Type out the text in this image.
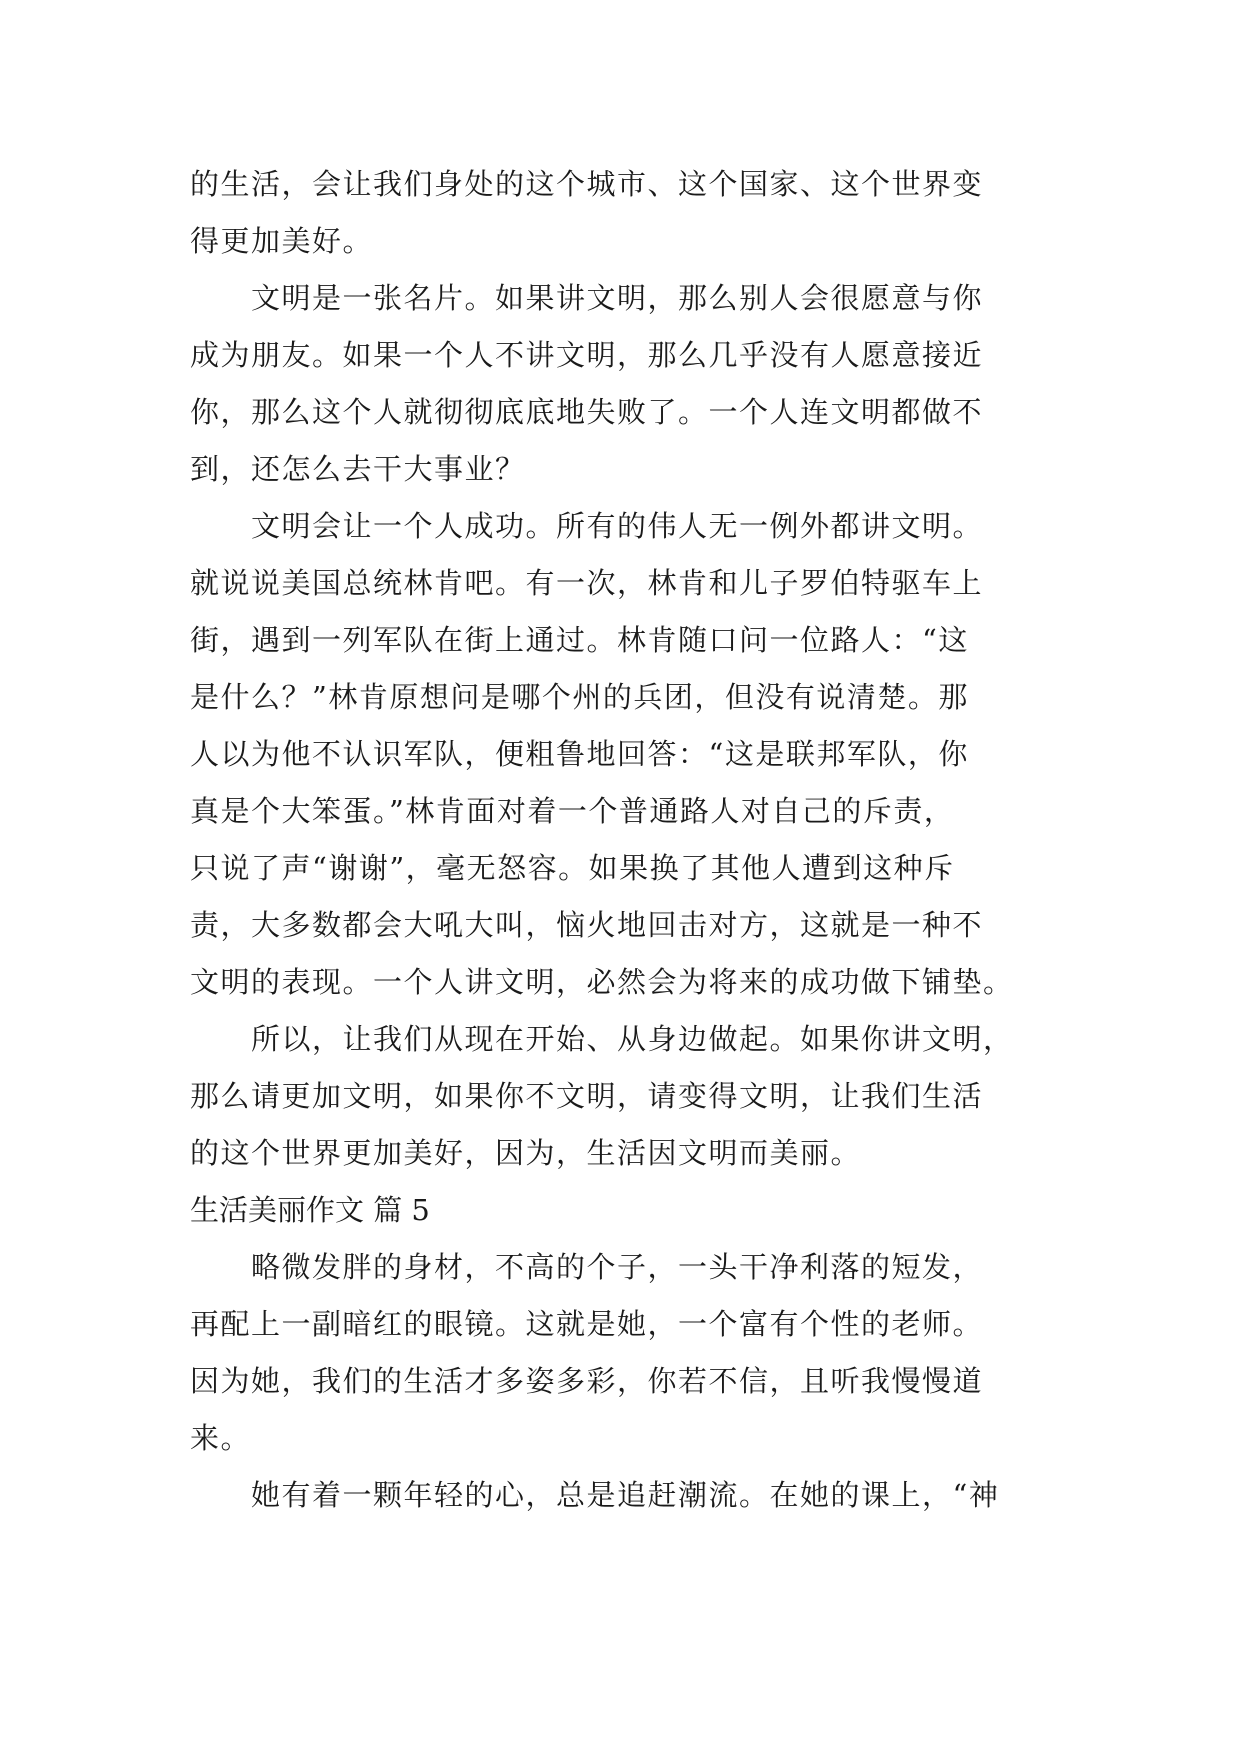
的生活，会让我们身处的这个城市、这个国家、这个世界变
得更加美好。
　　文明是一张名片。如果讲文明，那么别人会很愿意与你
成为朋友。如果一个人不讲文明，那么几乎没有人愿意接近
你，那么这个人就彻彻底底地失败了。一个人连文明都做不
到，还怎么去干大事业？
　　文明会让一个人成功。所有的伟人无一例外都讲文明。
就说说美国总统林肯吧。有一次，林肯和儿子罗伯特驱车上
街，遇到一列军队在街上通过。林肯随口问一位路人：“这
是什么？”林肯原想问是哪个州的兵团，但没有说清楚。那
人以为他不认识军队，便粗鲁地回答：“这是联邦军队，你
真是个大笨蛋。”林肯面对着一个普通路人对自己的斥责，
只说了声“谢谢”，毫无怒容。如果换了其他人遭到这种斥
责，大多数都会大吼大叫，恼火地回击对方，这就是一种不
文明的表现。一个人讲文明，必然会为将来的成功做下铺垫。
　　所以，让我们从现在开始、从身边做起。如果你讲文明，
那么请更加文明，如果你不文明，请变得文明，让我们生活
的这个世界更加美好，因为，生活因文明而美丽。
生活美丽作文 篇 5
　　略微发胖的身材，不高的个子，一头干净利落的短发，
再配上一副暗红的眼镜。这就是她，一个富有个性的老师。
因为她，我们的生活才多姿多彩，你若不信，且听我慢慢道
来。
　　她有着一颗年轻的心，总是追赶潮流。在她的课上，“神
